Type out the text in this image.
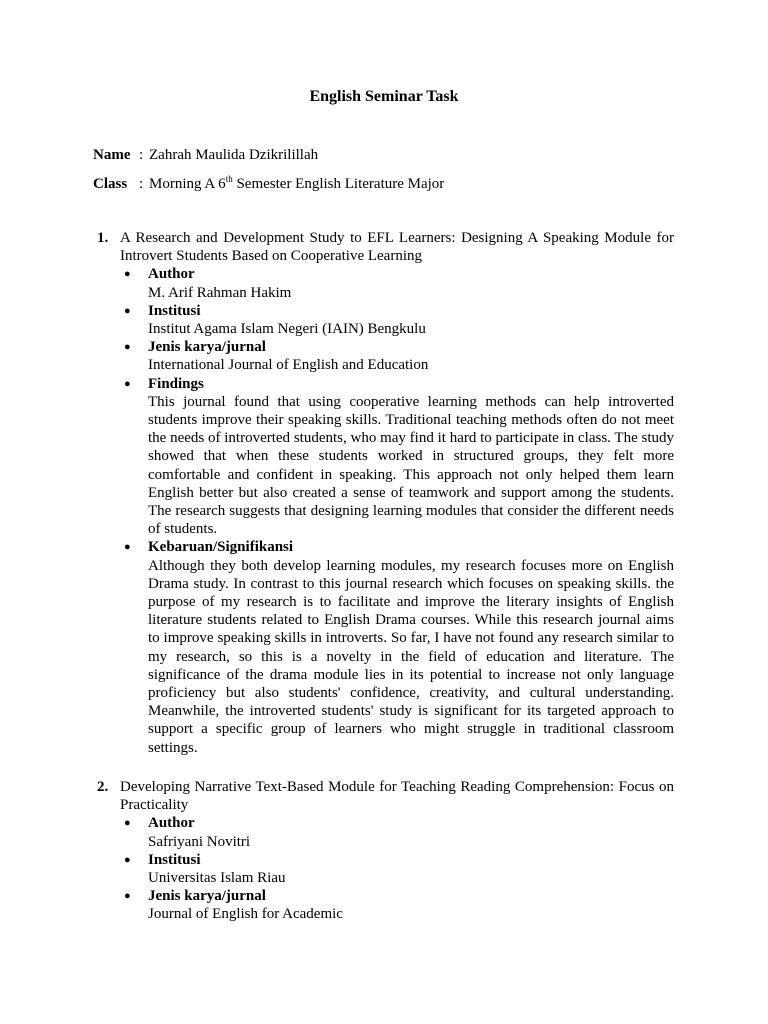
English Seminar Task
Name : Zahrah Maulida Dzikrilillah
Class : Morning A 6th Semester English Literature Major
1. A Research and Development Study to EFL Learners: Designing A Speaking Module for Introvert Students Based on Cooperative Learning
● Author
M. Arif Rahman Hakim
● Institusi
Institut Agama Islam Negeri (IAIN) Bengkulu
● Jenis karya/jurnal
International Journal of English and Education
● Findings
This journal found that using cooperative learning methods can help introverted students improve their speaking skills. Traditional teaching methods often do not meet the needs of introverted students, who may find it hard to participate in class. The study showed that when these students worked in structured groups, they felt more comfortable and confident in speaking. This approach not only helped them learn English better but also created a sense of teamwork and support among the students. The research suggests that designing learning modules that consider the different needs of students.
● Kebaruan/Signifikansi
Although they both develop learning modules, my research focuses more on English Drama study. In contrast to this journal research which focuses on speaking skills. the purpose of my research is to facilitate and improve the literary insights of English literature students related to English Drama courses. While this research journal aims to improve speaking skills in introverts. So far, I have not found any research similar to my research, so this is a novelty in the field of education and literature. The significance of the drama module lies in its potential to increase not only language proficiency but also students' confidence, creativity, and cultural understanding. Meanwhile, the introverted students' study is significant for its targeted approach to support a specific group of learners who might struggle in traditional classroom settings.
2. Developing Narrative Text-Based Module for Teaching Reading Comprehension: Focus on Practicality
● Author
Safriyani Novitri
● Institusi
Universitas Islam Riau
● Jenis karya/jurnal
Journal of English for Academic
